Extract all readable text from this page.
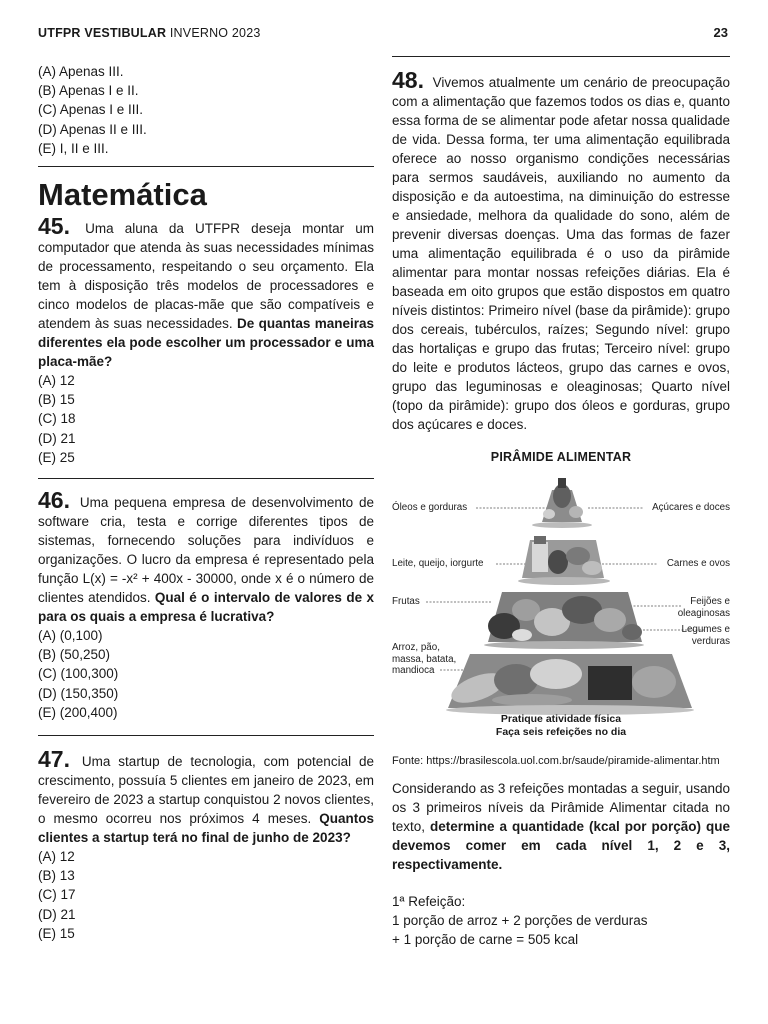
UTFPR VESTIBULAR INVERNO 2023	23
(A) Apenas III.
(B) Apenas I e II.
(C) Apenas I e III.
(D) Apenas II e III.
(E) I, II e III.
Matemática

45. Uma aluna da UTFPR deseja montar um computador que atenda às suas necessidades mínimas de processamento, respeitando o seu orçamento. Ela tem à disposição três modelos de processadores e cinco modelos de placas-mãe que são compatíveis e atendem às suas necessidades. De quantas maneiras diferentes ela pode escolher um processador e uma placa-mãe?

(A) 12
(B) 15
(C) 18
(D) 21
(E) 25

46. Uma pequena empresa de desenvolvimento de software cria, testa e corrige diferentes tipos de sistemas, fornecendo soluções para indivíduos e organizações. O lucro da empresa é representado pela função L(x) = -x² + 400x - 30000, onde x é o número de clientes atendidos. Qual é o intervalo de valores de x para os quais a empresa é lucrativa?

(A) (0,100)
(B) (50,250)
(C) (100,300)
(D) (150,350)
(E) (200,400)

47. Uma startup de tecnologia, com potencial de crescimento, possuía 5 clientes em janeiro de 2023, em fevereiro de 2023 a startup conquistou 2 novos clientes, o mesmo ocorreu nos próximos 4 meses. Quantos clientes a startup terá no final de junho de 2023?

(A) 12
(B) 13
(C) 17
(D) 21
(E) 15

48. Vivemos atualmente um cenário de preocupação com a alimentação que fazemos todos os dias e, quanto essa forma de se alimentar pode afetar nossa qualidade de vida. Dessa forma, ter uma alimentação equilibrada oferece ao nosso organismo condições necessárias para sermos saudáveis, auxiliando no aumento da disposição e da autoestima, na diminuição do estresse e ansiedade, melhora da qualidade do sono, além de prevenir diversas doenças. Uma das formas de fazer uma alimentação equilibrada é o uso da pirâmide alimentar para montar nossas refeições diárias. Ela é baseada em oito grupos que estão dispostos em quatro níveis distintos: Primeiro nível (base da pirâmide): grupo dos cereais, tubérculos, raízes; Segundo nível: grupo das hortaliças e grupo das frutas; Terceiro nível: grupo do leite e produtos lácteos, grupo das carnes e ovos, grupo das leguminosas e oleaginosas; Quarto nível (topo da pirâmide): grupo dos óleos e gorduras, grupo dos açúcares e doces.

PIRÂMIDE ALIMENTAR

Óleos e gorduras	Açúcares e doces
Leite, queijo, iorgurte	Carnes e ovos
Frutas	Feijões e
oleaginosas
Legumes e
verduras
Arroz, pão,
massa, batata,
mandioca
Pratique atividade física
Faça seis refeições no dia

Fonte: https://brasilescola.uol.com.br/saude/piramide-alimentar.htm

Considerando as 3 refeições montadas a seguir, usando os 3 primeiros níveis da Pirâmide Alimentar citada no texto, determine a quantidade (kcal por porção) que devemos comer em cada nível 1, 2 e 3, respectivamente.

1ª Refeição:
1 porção de arroz + 2 porções de verduras
+ 1 porção de carne = 505 kcal
